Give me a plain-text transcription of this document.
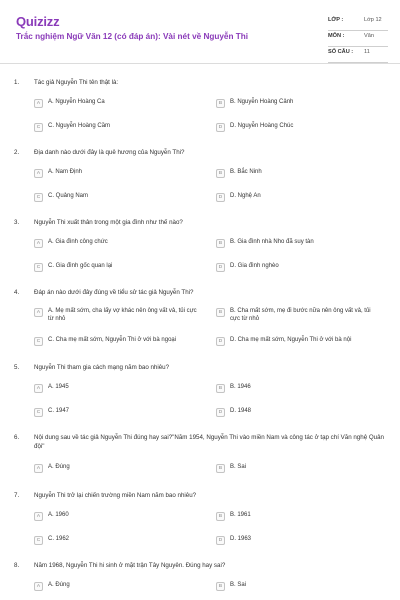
Quizizz
Trắc nghiệm Ngữ Văn 12 (có đáp án): Vài nét về Nguyễn Thi
LỚP :	Lớp 12
MÔN :	Văn
SỐ CÂU : 11
1. Tác giả Nguyễn Thi tên thật là:
A	A. Nguyễn Hoàng Ca	B	B. Nguyễn Hoàng Cảnh
C	C. Nguyễn Hoàng Cầm	D	D. Nguyễn Hoàng Chúc
2. Địa danh nào dưới đây là quê hương của Nguyễn Thi?
A	A. Nam Định	B	B. Bắc Ninh
C	C. Quảng Nam	D	D. Nghệ An
3. Nguyễn Thi xuất thân trong một gia đình như thế nào?
A	A. Gia đình công chức	B	B. Gia đình nhà Nho đã suy tàn
C	C. Gia đình gốc quan lại	D	D. Gia đình nghèo
4. Đáp án nào dưới đây đúng về tiểu sử tác giả Nguyễn Thi?
A	A. Mẹ mất sớm, cha lấy vợ khác nên ông vất vả, tủi cực từ nhỏ
B	B. Cha mất sớm, mẹ đi bước nữa nên ông vất vả, tủi cực từ nhỏ
C	C. Cha mẹ mất sớm, Nguyễn Thi ở với bà ngoại	D	D. Cha mẹ mất sớm, Nguyễn Thi ở với bà nội
5. Nguyễn Thi tham gia cách mạng năm bao nhiêu?
A	A. 1945	B	B. 1946
C	C. 1947	D	D. 1948
6. Nội dung sau về tác giả Nguyễn Thi đúng hay sai?"Năm 1954, Nguyễn Thi vào miền Nam và công tác ở tạp chí Văn nghệ Quân đội"
A	A. Đúng	B	B. Sai
7. Nguyễn Thi trở lại chiến trường miền Nam năm bao nhiêu?
A	A. 1960	B	B. 1961
C	C. 1962	D	D. 1963
8. Năm 1968, Nguyễn Thi hi sinh ở mặt trận Tây Nguyên. Đúng hay sai?
A	A. Đúng	B	B. Sai
